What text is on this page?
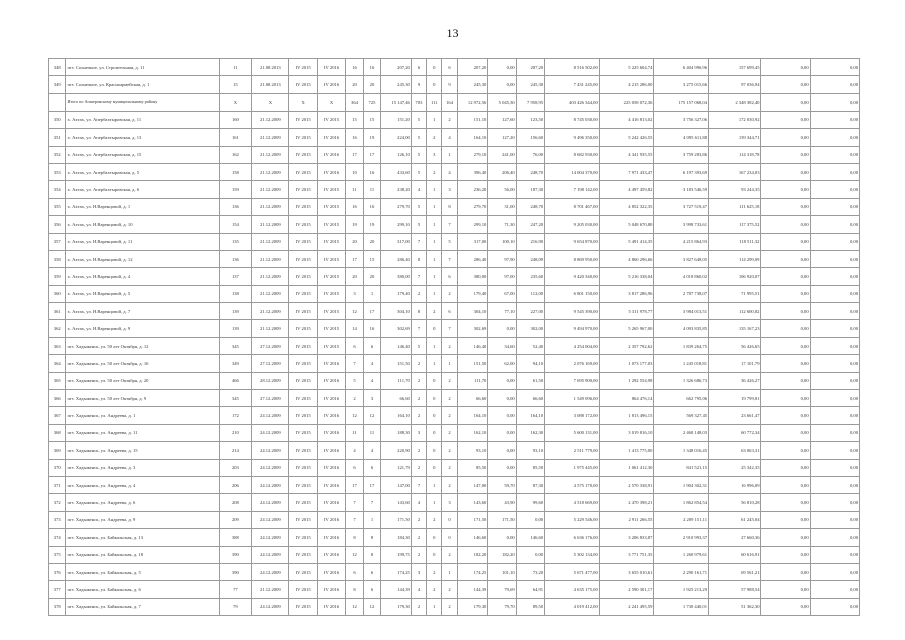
13
348	пгт. Солнечное, ул. Строительная, д. 11	11	21.08.2013	IV 2015	IV 2016	16	16	207,20	6	0	6	207,20	0,00	207,20	8 516 502,00	5 225 604,74	6 404 996,96	157 699,45	0,00	0,00
349	пгт. Солнечное, ул. Красноармейская, д. 1	15	21.08.2013	IV 2015	IV 2016	20	20	245,30	9	0	9	245,30	0,00	245,30	7 431 245,00	4 215 286,00	3 275 015,66	97 036,94	0,00	0,00
	Итого по Апшеронскому муниципальному району	Х	Х	Х	Х	364	725	15 147,46	703	111	164	12 972,56	5 045,30	7 958,95	403 426 344,00	225 058 072,36	175 157 068,04	2 348 382,40	0,00	0,00
350	х. Ахтах, ул. Апербахтыровская, д. 11	160	21.12.2009	IV 2015	IV 2015	15	15	151,20	5	1	2	151,10	127,60	123,50	8 745 030,00	4 416 813,02	3 756 327,06	172 030,92	0,00	0,00
351	х. Ахтах, ул. Апербахтыровская, д. 13	161	21.12.2009	IV 2015	IV 2016	16	19	224,00	5	2	4	164,10	127,20	156,60	9 496 350,00	5 242 426,55	4 095 611,88	139 344,71	0,00	0,00
352	х. Ахтах, ул. Апербахтыровская, д. 15	162	21.12.2009	IV 2015	IV 2016	17	17	126,10	5	3	1	279,10	241,00	76,00	8 682 930,00	4 341 935,55	3 759 283,86	114 318,78	0,00	0,00
353	х. Ахтах, ул. Апербахтыровская, д. 5	158	21.12.2009	IV 2015	IV 2016	10	16	433,60	5	2	4	396,40	206,40	248,70	14 004 370,00	7 971 433,47	6 197 393,69	167 234,03	0,00	0,00
354	х. Ахтах, ул. Апербахтыровская, д. 6	159	21.12.2009	IV 2015	IV 2015	11	11	238,20	4	1	3	236,20	56,00	187,30	7 198 142,00	4 497 459,82	3 183 546,59	93 244,35	0,00	0,00
355	х. Ахтах, ул. Н.Варенцовой, д. 1	136	21.12.2009	IV 2015	IV 2015	16	16	279,70	5	1	8	279,70	31,00	248,70	8 701 467,00	4 852 322,35	3 727 519,47	111 625,18	0,00	0,00
356	х. Ахтах, ул. Н.Варенцовой, д. 10	154	21.12.2009	IV 2015	IV 2015	19	19	299,10	5	1	7	299,10	71,30	247,20	9 205 030,00	5 048 670,80	3 998 733,61	117 375,52	0,00	0,00
357	х. Ахтах, ул. Н.Варенцовой, д. 11	135	21.12.2009	IV 2015	IV 2015	20	20	317,00	7	1	5	317,00	100,10	216,90	9 654 870,00	5 491 414,35	4 215 864,93	118 511,32	0,00	0,00
358	х. Ахтах, ул. Н.Варенцовой, д. 12	136	21.12.2009	IV 2015	IV 2015	17	15	286,40	8	1	7	286,40	97,90	248,09	8 869 950,00	4 860 296,66	3 827 648,05	114 299,09	0,00	0,00
359	х. Ахтах, ул. Н.Варенцовой, д. 4	137	21.12.2009	IV 2015	IV 2015	20	20	380,00	7	1	6	380,00	97,00	235,60	9 420 340,00	5 216 338,04	4 018 860,02	106 920,07	0,00	0,00
360	х. Ахтах, ул. Н.Варенцовой, д. 5	138	21.12.2009	IV 2015	IV 2015	3	1	179,40	2	1	2	179,40	67,00	112,00	6 801 150,00	3 817 286,96	2 787 738,07	71 995,51	0,00	0,00
361	х. Ахтах, ул. Н.Варенцовой, д. 7	139	21.12.2009	IV 2015	IV 2015	12	17	304,10	8	2	6	304,10	77,10	227,00	9 545 390,00	5 311 978,77	3 984 013,51	112 600,82	0,00	0,00
362	х. Ахтах, ул. Н.Варенцовой, д. 9	139	21.12.2009	IV 2015	IV 2015	14	16	302,69	7	0	7	302,69	0,00	302,00	9 494 970,00	5 265 967,00	4 093 835,85	135 167,23	0,00	0,00
363	пгт. Хадыженск, ул. 50 лет Октября, д. 12	345	27.12.2009	IV 2015	IV 2015	6	6	146,40	5	1	2	146,40	34,60	52,40	4 254 004,00	2 357 792,62	1 839 264,75	56 426,65	0,00	0,00
364	пгт. Хадыженск, ул. 50 лет Октября, д. 16	349	27.12.2009	IV 2015	IV 2016	7	4	151,50	2	1	1	151,50	62,00	94,10	2 076 169,00	1 073 177,03	1 245 018,81	17 101,79	0,00	0,00
365	пгт. Хадыженск, ул. 50 лет Октября, д. 20	466	28.12.2009	IV 2015	IV 2016	5	4	111,70	2	0	2	111,70	0,00	61,50	7 695 900,00	1 292 554,98	1 326 686,73	36 426,27	0,00	0,00
366	пгт. Хадыженск, ул. 50 лет Октября, д. 9	345	27.12.2009	IV 2015	IV 2016	2	3	66,60	2	0	2	66,60	0,00	66,60	1 549 096,00	864 476,14	662 795,06	19 799,81	0,00	0,00
367	пгт. Хадыженск, ул. Андреева, д. 1	172	24.12.2009	IV 2015	IV 2016	12	12	164,10	2	0	2	164,10	0,00	164,10	3 088 172,00	1 813 496,15	569 327,45	23 661,47	0,00	0,00
368	пгт. Хадыженск, ул. Андреева, д. 11	210	24.12.2009	IV 2015	IV 2016	11	11	188,30	3	0	2	162,10	0,00	162,30	5 600 131,00	3 019 816,10	2 468 148,03	60 772,34	0,00	0,00
369	пгт. Хадыженск, ул. Андреева, д. 15	214	24.12.2009	IV 2015	IV 2016	4	4	220,90	2	0	2	93,10	0,00	93,10	2 511 779,00	1 413 775,00	1 348 016,45	63 063,31	0,00	0,00
370	пгт. Хадыженск, ул. Андреева, д. 3	203	24.12.2009	IV 2015	IV 2016	6	6	121,79	2	0	2	85,50	0,00	85,50	1 975 445,00	1 061 412,30	841 521,15	25 342,35	0,00	0,00
371	пгт. Хадыженск, ул. Андреева, д. 4	206	24.12.2009	IV 2015	IV 2016	17	17	147,00	7	1	2	147,00	59,70	87,30	4 575 170,00	2 570 338,91	1 904 302,31	16 996,09	0,00	0,00
372	пгт. Хадыженск, ул. Андреева, д. 6	208	24.12.2009	IV 2015	IV 2016	7	7	143,60	4	1	3	143,60	43,90	99,60	4 518 669,00	2 470 398,21	1 862 854,54	56 810,28	0,00	0,00
373	пгт. Хадыженск, ул. Андреева, д. 9	209	24.12.2009	IV 2015	IV 2016	7	1	171,50	2	2	0	171,50	171,50	0,00	5 229 546,00	2 911 266,55	2 209 151,11	61 245,04	0,00	0,00
374	пгт. Хадыженск, ул. Байкальская, д. 13	388	24.12.2009	IV 2015	IV 2016	8	8	184,30	2	0	0	146,60	0,00	146,60	6 636 176,00	3 206 833,87	2 910 993,37	27 660,36	0,00	0,00
375	пгт. Хадыженск, ул. Байкальская, д. 18	390	24.12.2009	IV 2015	IV 2016	12	8	199,75	2	0	2	182,20	182,20	0,00	5 302 134,00	3 771 751,35	1 260 979,61	60 616,91	0,00	0,00
376	пгт. Хадыженск, ул. Байкальская, д. 5	390	24.12.2009	IV 2015	IV 2016	6	6	174,25	3	2	1	174,25	101,10	73,20	5 671 477,00	3 655 010,61	2 290 161,71	69 561,21	0,00	0,00
377	пгт. Хадыженск, ул. Байкальская, д. 6	77	21.12.2009	IV 2015	IV 2016	8	6	144,39	4	2	2	144,39	79,69	64,91	4 635 175,00	2 590 301,17	1 925 213,29	57 988,54	0,00	0,00
378	пгт. Хадыженск, ул. Байкальская, д. 7	79	24.12.2009	IV 2015	IV 2016	12	12	179,30	2	1	2	179,30	79,70	89,50	4 019 412,00	2 241 495,59	1 730 440,01	51 362,30	0,00	0,00
